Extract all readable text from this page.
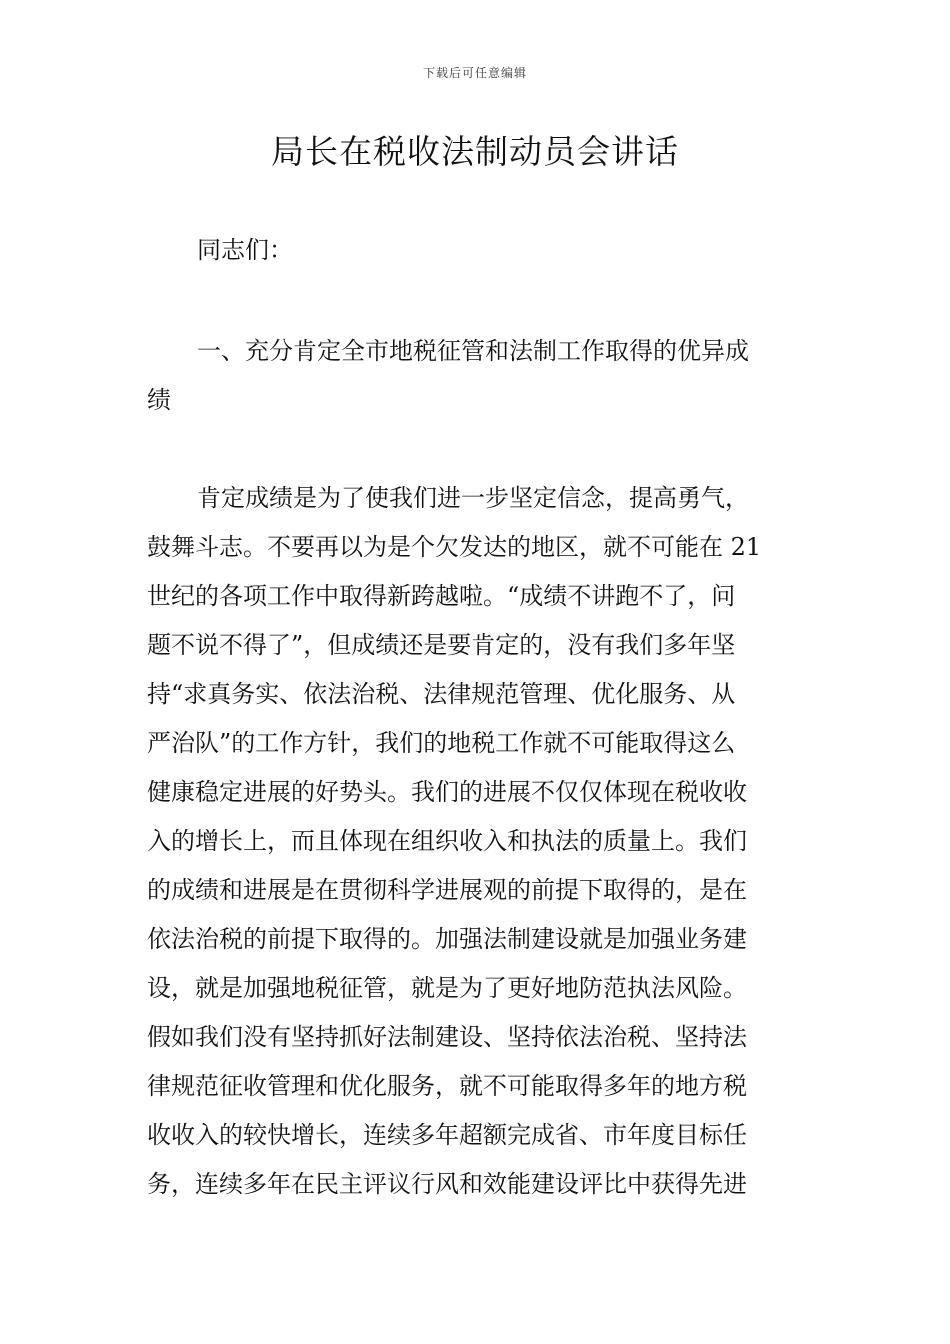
下载后可任意编辑
局长在税收法制动员会讲话
同志们：
一、充分肯定全市地税征管和法制工作取得的优异成
绩
肯定成绩是为了使我们进一步坚定信念，提高勇气，
鼓舞斗志。不要再以为是个欠发达的地区，就不可能在 21
世纪的各项工作中取得新跨越啦。“成绩不讲跑不了，问
题不说不得了”，但成绩还是要肯定的，没有我们多年坚
持“求真务实、依法治税、法律规范管理、优化服务、从
严治队”的工作方针，我们的地税工作就不可能取得这么
健康稳定进展的好势头。我们的进展不仅仅体现在税收收
入的增长上，而且体现在组织收入和执法的质量上。我们
的成绩和进展是在贯彻科学进展观的前提下取得的，是在
依法治税的前提下取得的。加强法制建设就是加强业务建
设，就是加强地税征管，就是为了更好地防范执法风险。
假如我们没有坚持抓好法制建设、坚持依法治税、坚持法
律规范征收管理和优化服务，就不可能取得多年的地方税
收收入的较快增长，连续多年超额完成省、市年度目标任
务，连续多年在民主评议行风和效能建设评比中获得先进
